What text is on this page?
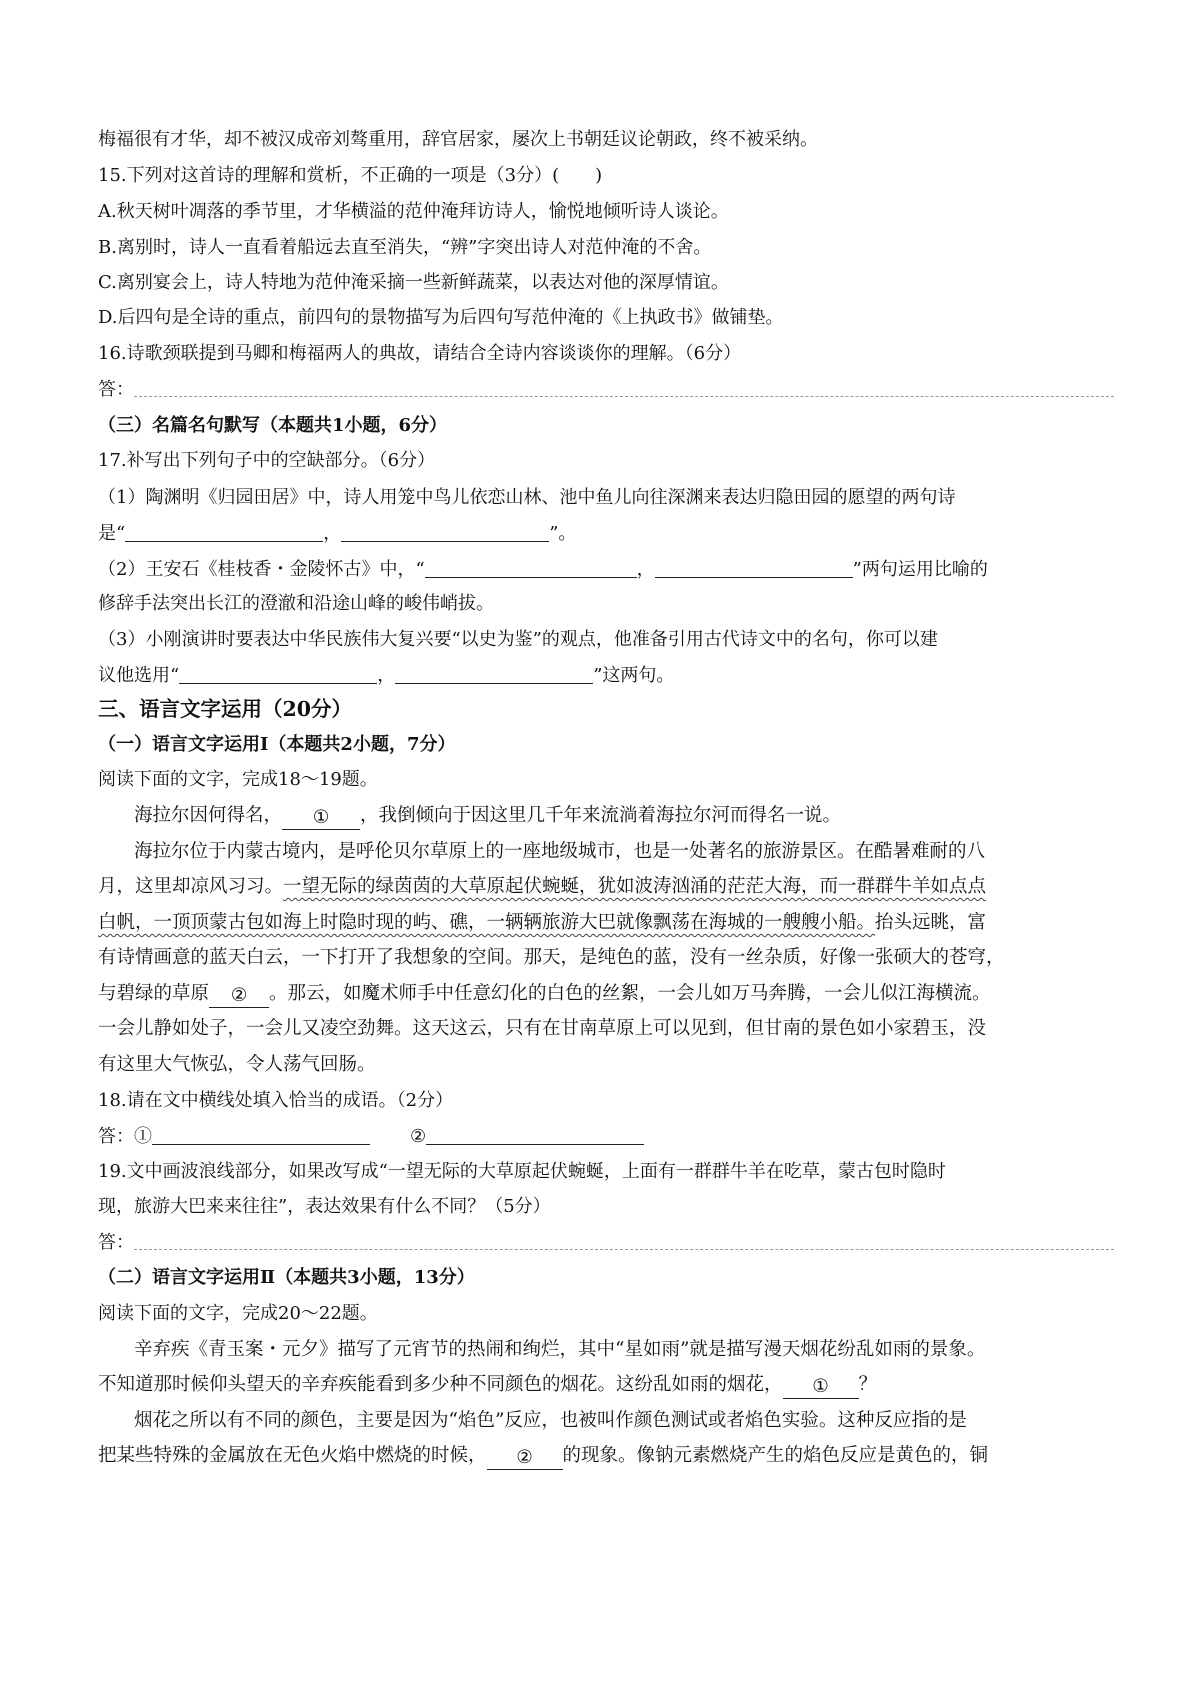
梅福很有才华，却不被汉成帝刘骜重用，辞官居家，屡次上书朝廷议论朝政，终不被采纳。
15.下列对这首诗的理解和赏析，不正确的一项是（3分）(　　)
A.秋天树叶凋落的季节里，才华横溢的范仲淹拜访诗人，愉悦地倾听诗人谈论。
B.离别时，诗人一直看着船远去直至消失，“辨”字突出诗人对范仲淹的不舍。
C.离别宴会上，诗人特地为范仲淹采摘一些新鲜蔬菜，以表达对他的深厚情谊。
D.后四句是全诗的重点，前四句的景物描写为后四句写范仲淹的《上执政书》做铺垫。
16.诗歌颈联提到马卿和梅福两人的典故，请结合全诗内容谈谈你的理解。（6分）
答：
（三）名篇名句默写（本题共1小题，6分）
17.补写出下列句子中的空缺部分。（6分）
（1）陶渊明《归园田居》中，诗人用笼中鸟儿依恋山林、池中鱼儿向往深渊来表达归隐田园的愿望的两句诗
是“	，	”。
（2）王安石《桂枝香・金陵怀古》中，“	，	”两句运用比喻的
修辞手法突出长江的澄澈和沿途山峰的峻伟峭拔。
（3）小刚演讲时要表达中华民族伟大复兴要“以史为鉴”的观点，他准备引用古代诗文中的名句，你可以建
议他选用“	，	”这两句。
三、语言文字运用（20分）
（一）语言文字运用Ⅰ（本题共2小题，7分）
阅读下面的文字，完成18～19题。
海拉尔因何得名， ① ，我倒倾向于因这里几千年来流淌着海拉尔河而得名一说。
海拉尔位于内蒙古境内，是呼伦贝尔草原上的一座地级城市，也是一处著名的旅游景区。在酷暑难耐的八
月，这里却凉风习习。一望无际的绿茵茵的大草原起伏蜿蜒，犹如波涛汹涌的茫茫大海，而一群群牛羊如点点
白帆，一顶顶蒙古包如海上时隐时现的屿、礁，一辆辆旅游大巴就像飘荡在海城的一艘艘小船。抬头远眺，富
有诗情画意的蓝天白云，一下打开了我想象的空间。那天，是纯色的蓝，没有一丝杂质，好像一张硕大的苍穹，
与碧绿的草原 ② 。那云，如魔术师手中任意幻化的白色的丝絮，一会儿如万马奔腾，一会儿似江海横流。
一会儿静如处子，一会儿又凌空劲舞。这天这云，只有在甘南草原上可以见到，但甘南的景色如小家碧玉，没
有这里大气恢弘，令人荡气回肠。
18.请在文中横线处填入恰当的成语。（2分）
答：①	②
19.文中画波浪线部分，如果改写成“一望无际的大草原起伏蜿蜒，上面有一群群牛羊在吃草，蒙古包时隐时
现，旅游大巴来来往往”，表达效果有什么不同？（5分）
答：
（二）语言文字运用Ⅱ（本题共3小题，13分）
阅读下面的文字，完成20～22题。
辛弃疾《青玉案・元夕》描写了元宵节的热闹和绚烂，其中“星如雨”就是描写漫天烟花纷乱如雨的景象。
不知道那时候仰头望天的辛弃疾能看到多少种不同颜色的烟花。这纷乱如雨的烟花， ① ？
烟花之所以有不同的颜色，主要是因为“焰色”反应，也被叫作颜色测试或者焰色实验。这种反应指的是
把某些特殊的金属放在无色火焰中燃烧的时候， ② 的现象。像钠元素燃烧产生的焰色反应是黄色的，铜
